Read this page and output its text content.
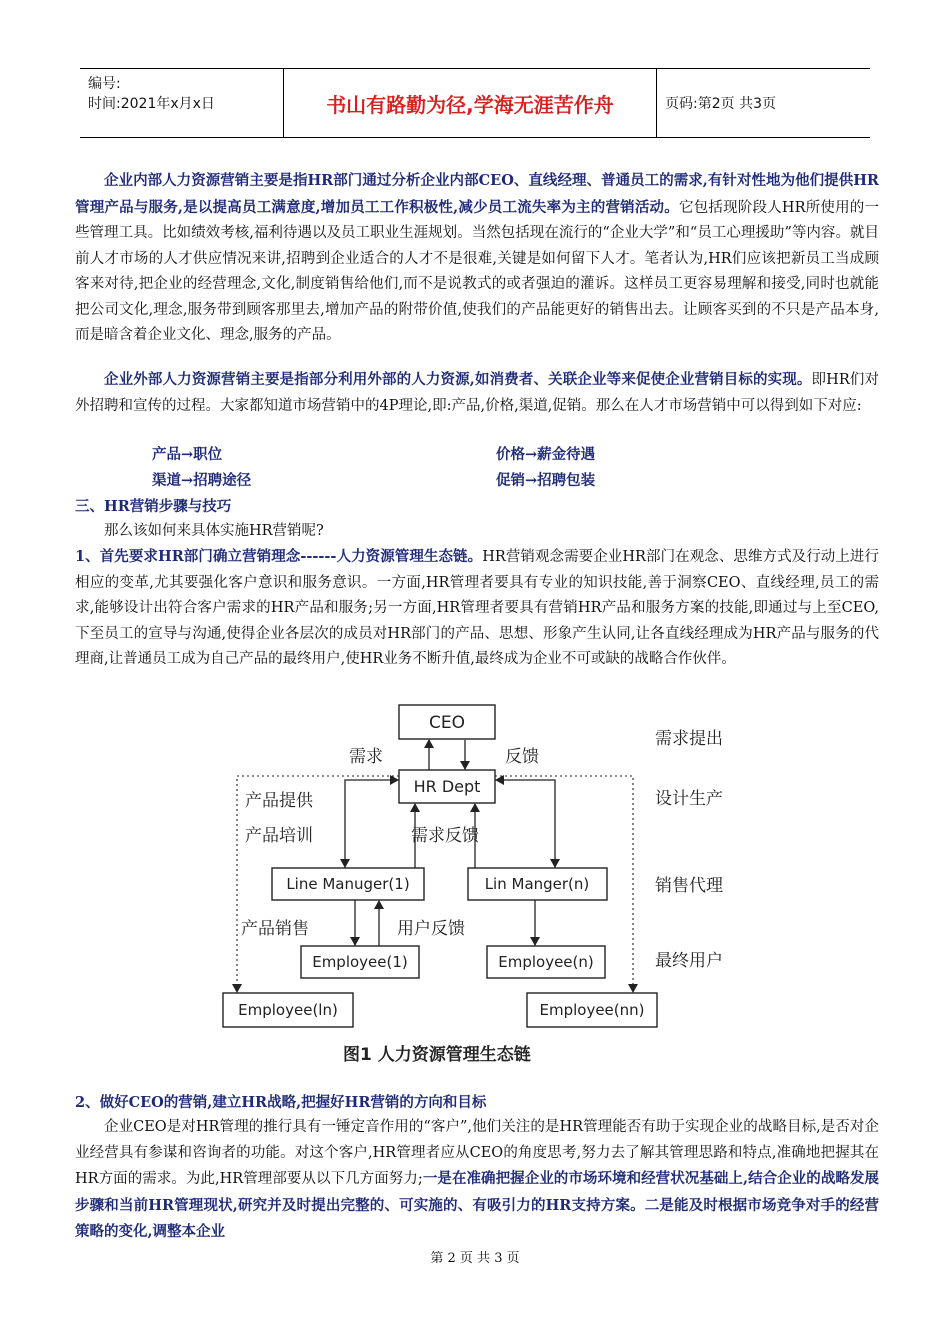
编号:
时间:2021年x月x日	书山有路勤为径,学海无涯苦作舟	页码:第2页 共3页
企业内部人力资源营销主要是指HR部门通过分析企业内部CEO、直线经理、普通员工的需求,有针对性地为他们提供HR管理产品与服务,是以提高员工满意度,增加员工工作积极性,减少员工流失率为主的营销活动。它包括现阶段人HR所使用的一些管理工具。比如绩效考核,福利待遇以及员工职业生涯规划。当然包括现在流行的“企业大学”和“员工心理援助”等内容。就目前人才市场的人才供应情况来讲,招聘到企业适合的人才不是很难,关键是如何留下人才。笔者认为,HR们应该把新员工当成顾客来对待,把企业的经营理念,文化,制度销售给他们,而不是说教式的或者强迫的灌诉。这样员工更容易理解和接受,同时也就能把公司文化,理念,服务带到顾客那里去,增加产品的附带价值,使我们的产品能更好的销售出去。让顾客买到的不只是产品本身,而是暗含着企业文化、理念,服务的产品。
企业外部人力资源营销主要是指部分利用外部的人力资源,如消费者、关联企业等来促使企业营销目标的实现。即HR们对外招聘和宣传的过程。大家都知道市场营销中的4P理论,即:产品,价格,渠道,促销。那么在人才市场营销中可以得到如下对应:
产品→职位	价格→薪金待遇
渠道→招聘途径	促销→招聘包装
三、HR营销步骤与技巧
那么该如何来具体实施HR营销呢?
1、首先要求HR部门确立营销理念------人力资源管理生态链。HR营销观念需要企业HR部门在观念、思维方式及行动上进行相应的变革,尤其要强化客户意识和服务意识。一方面,HR管理者要具有专业的知识技能,善于洞察CEO、直线经理,员工的需求,能够设计出符合客户需求的HR产品和服务;另一方面,HR管理者要具有营销HR产品和服务方案的技能,即通过与上至CEO,下至员工的宣导与沟通,使得企业各层次的成员对HR部门的产品、思想、形象产生认同,让各直线经理成为HR产品与服务的代理商,让普通员工成为自己产品的最终用户,使HR业务不断升值,最终成为企业不可或缺的战略合作伙伴。
CEO
HR Dept
Line Manuger(1)	Lin Manger(n)
Employee(1)	Employee(n)
Employee(ln)	Employee(nn)
需求	反馈
产品提供
产品培训	需求反馈
产品销售	用户反馈
需求提出
设计生产
销售代理
最终用户
图1 人力资源管理生态链
2、做好CEO的营销,建立HR战略,把握好HR营销的方向和目标
企业CEO是对HR管理的推行具有一锤定音作用的“客户”,他们关注的是HR管理能否有助于实现企业的战略目标,是否对企业经营具有参谋和咨询者的功能。对这个客户,HR管理者应从CEO的角度思考,努力去了解其管理思路和特点,准确地把握其在HR方面的需求。为此,HR管理部要从以下几方面努力;一是在准确把握企业的市场环境和经营状况基础上,结合企业的战略发展步骤和当前HR管理现状,研究并及时提出完整的、可实施的、有吸引力的HR支持方案。二是能及时根据市场竞争对手的经营策略的变化,调整本企业
第 2 页 共 3 页
